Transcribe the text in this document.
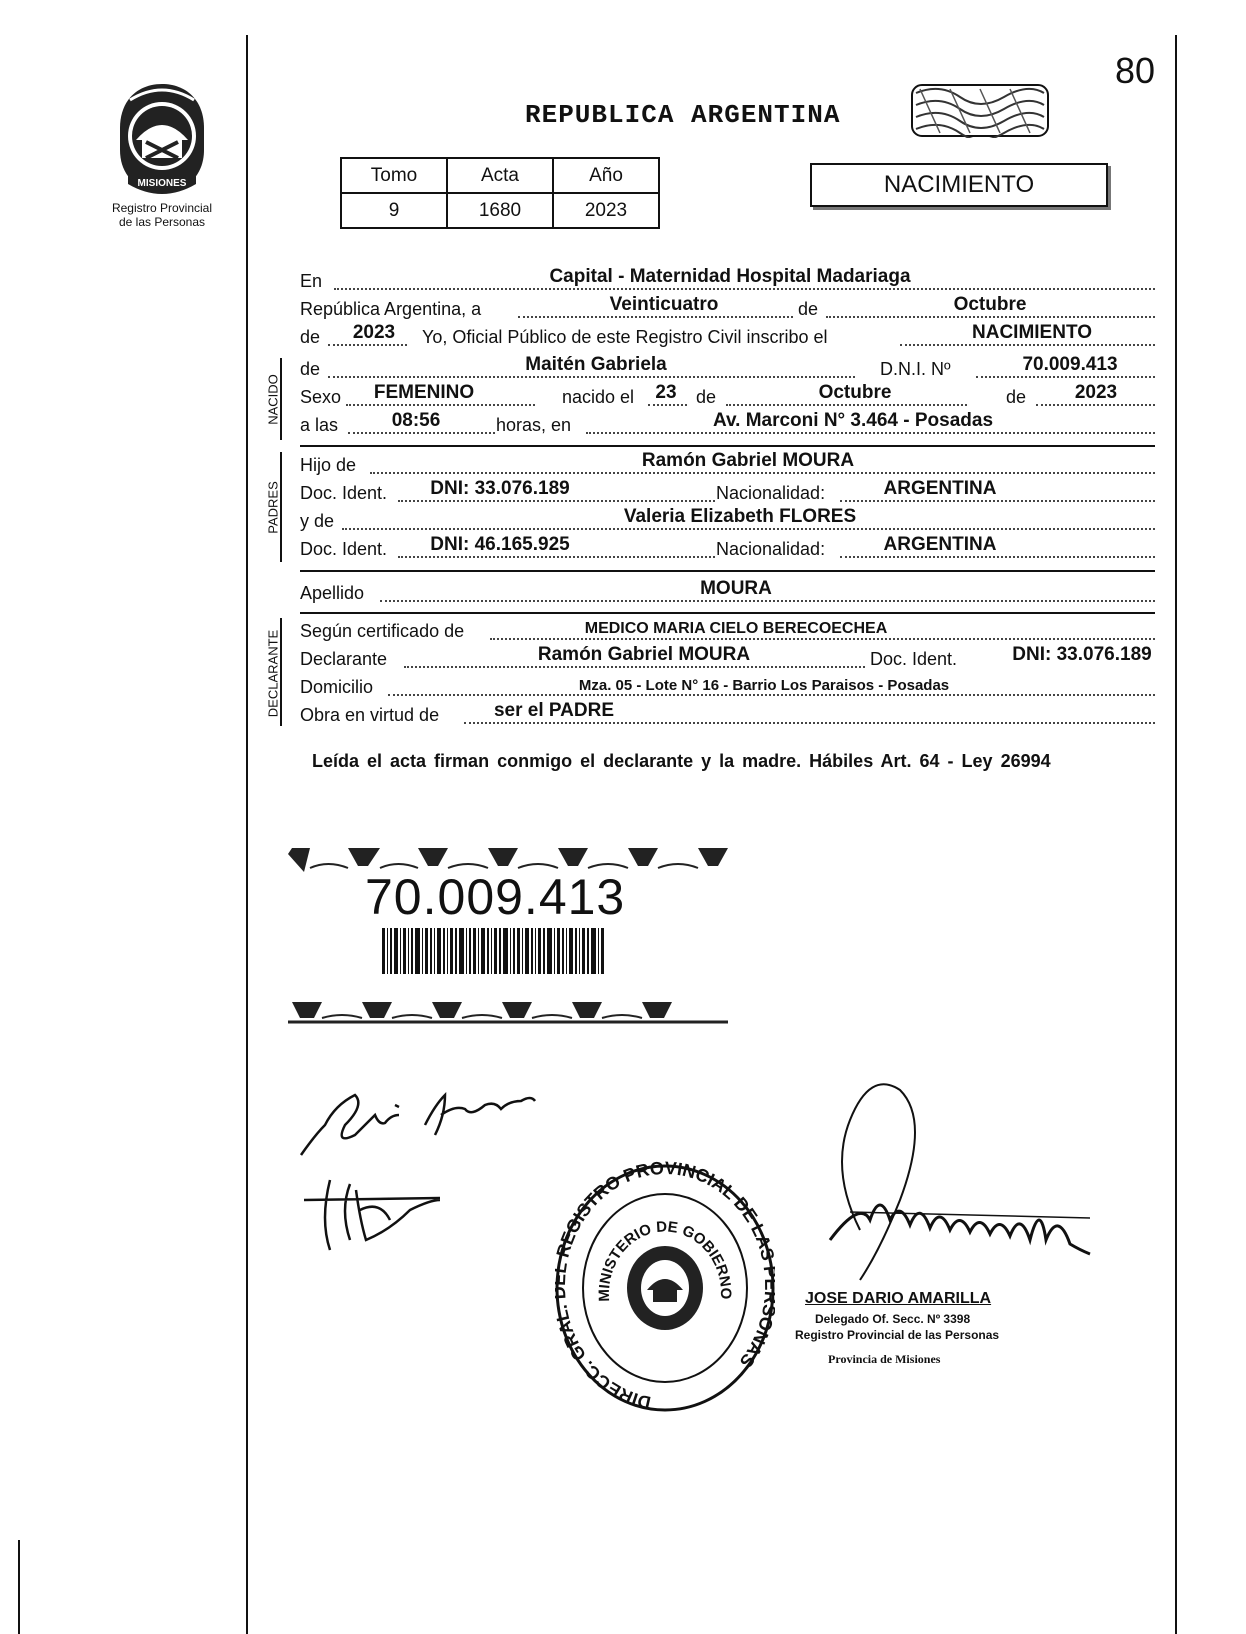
80
MISIONES
Registro Provincial
de las Personas
REPUBLICA ARGENTINA
Tomo	Acta	Año
9	1680	2023
NACIMIENTO
En	Capital - Maternidad Hospital Madariaga
República Argentina, a	Veinticuatro	de	Octubre
de 2023 Yo, Oficial Público de este Registro Civil inscribo el	NACIMIENTO
NACIDO
de	Maitén Gabriela	D.N.I. Nº	70.009.413
Sexo FEMENINO	nacido el 23 de	Octubre	de	2023
a las	08:56	horas, en	Av. Marconi N° 3.464 - Posadas
PADRES
Hijo de	Ramón Gabriel MOURA
Doc. Ident. DNI: 33.076.189	Nacionalidad:	ARGENTINA
y de	Valeria Elizabeth FLORES
Doc. Ident. DNI: 46.165.925	Nacionalidad:	ARGENTINA
Apellido	MOURA
DECLARANTE Según certificado de	MEDICO MARIA CIELO BERECOECHEA
Declarante	Ramón Gabriel MOURA	Doc. Ident.	DNI: 33.076.189
Domicilio	Mza. 05 - Lote N° 16 - Barrio Los Paraisos - Posadas
Obra en virtud de	ser el PADRE
Leída el acta firman conmigo el declarante y la madre. Hábiles Art. 64 - Ley 26994
70.009.413
DIRECC. GRA EGISTRO PROVINCIAL DE LA ONAS
MINISTERIO DE GOBIERNO	JOSE DARIO AMARILLA
Delegado Of. Secc. Nº 3398
Registro Provincial de las Personas
Provincia de Misiones
